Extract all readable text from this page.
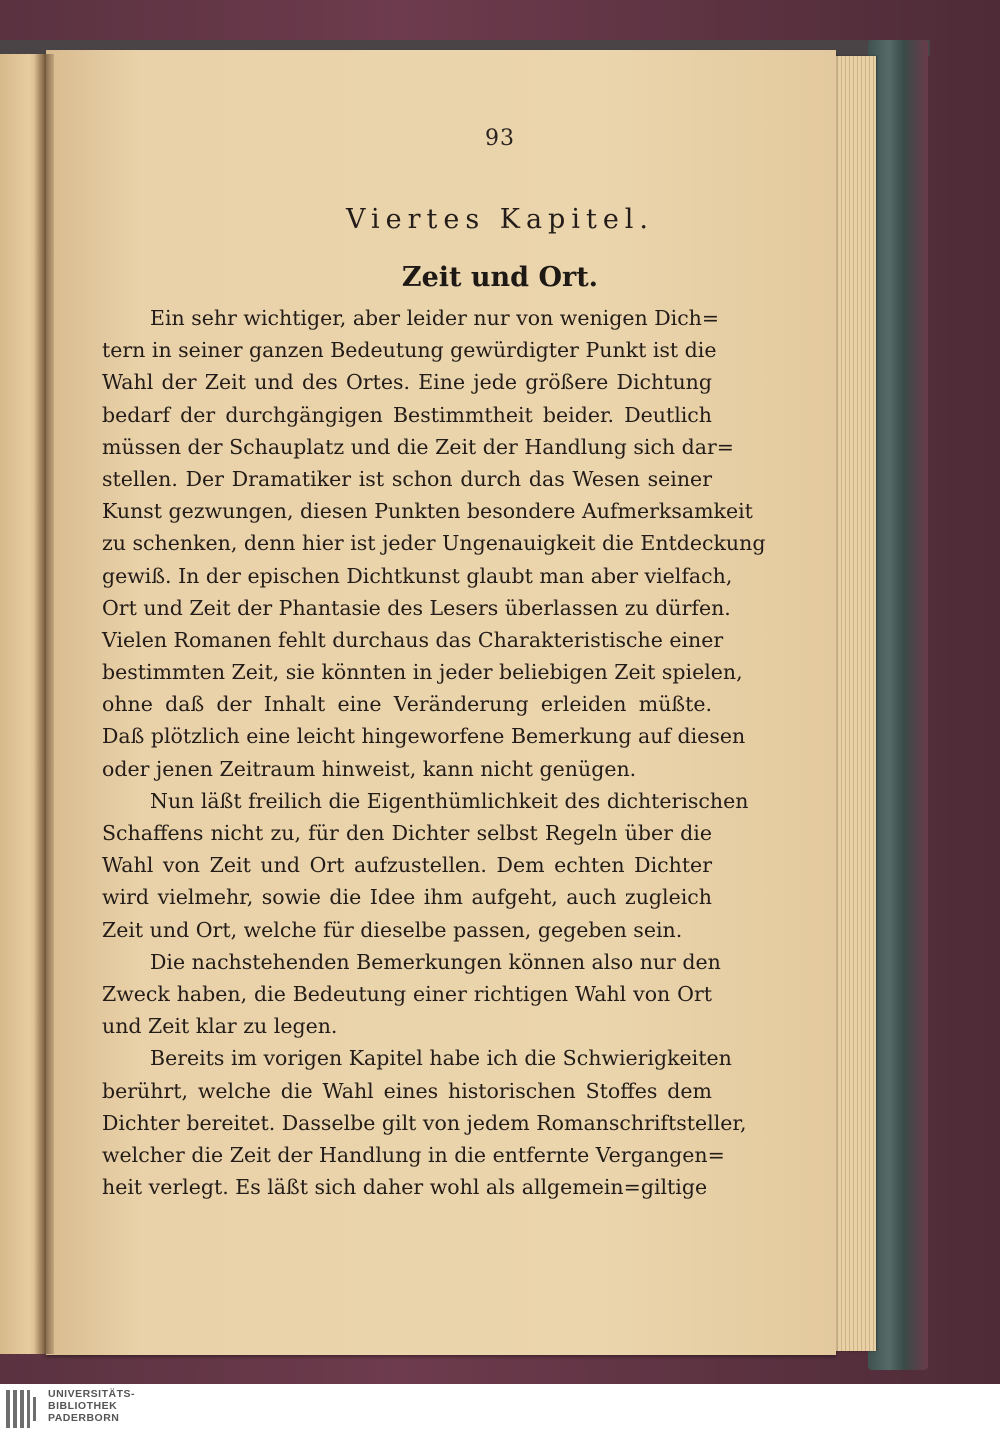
93
Viertes Kapitel.
Zeit und Ort.
Ein sehr wichtiger, aber leider nur von wenigen Dich=
tern in seiner ganzen Bedeutung gewürdigter Punkt ist die
Wahl der Zeit und des Ortes. Eine jede größere Dichtung
bedarf der durchgängigen Bestimmtheit beider. Deutlich
müssen der Schauplatz und die Zeit der Handlung sich dar=
stellen. Der Dramatiker ist schon durch das Wesen seiner
Kunst gezwungen, diesen Punkten besondere Aufmerksamkeit
zu schenken, denn hier ist jeder Ungenauigkeit die Entdeckung
gewiß. In der epischen Dichtkunst glaubt man aber vielfach,
Ort und Zeit der Phantasie des Lesers überlassen zu dürfen.
Vielen Romanen fehlt durchaus das Charakteristische einer
bestimmten Zeit, sie könnten in jeder beliebigen Zeit spielen,
ohne daß der Inhalt eine Veränderung erleiden müßte.
Daß plötzlich eine leicht hingeworfene Bemerkung auf diesen
oder jenen Zeitraum hinweist, kann nicht genügen.
Nun läßt freilich die Eigenthümlichkeit des dichterischen
Schaffens nicht zu, für den Dichter selbst Regeln über die
Wahl von Zeit und Ort aufzustellen. Dem echten Dichter
wird vielmehr, sowie die Idee ihm aufgeht, auch zugleich
Zeit und Ort, welche für dieselbe passen, gegeben sein.
Die nachstehenden Bemerkungen können also nur den
Zweck haben, die Bedeutung einer richtigen Wahl von Ort
und Zeit klar zu legen.
Bereits im vorigen Kapitel habe ich die Schwierigkeiten
berührt, welche die Wahl eines historischen Stoffes dem
Dichter bereitet. Dasselbe gilt von jedem Romanschriftsteller,
welcher die Zeit der Handlung in die entfernte Vergangen=
heit verlegt. Es läßt sich daher wohl als allgemein=giltige
UNIVERSITÄTS-
BIBLIOTHEK
PADERBORN
